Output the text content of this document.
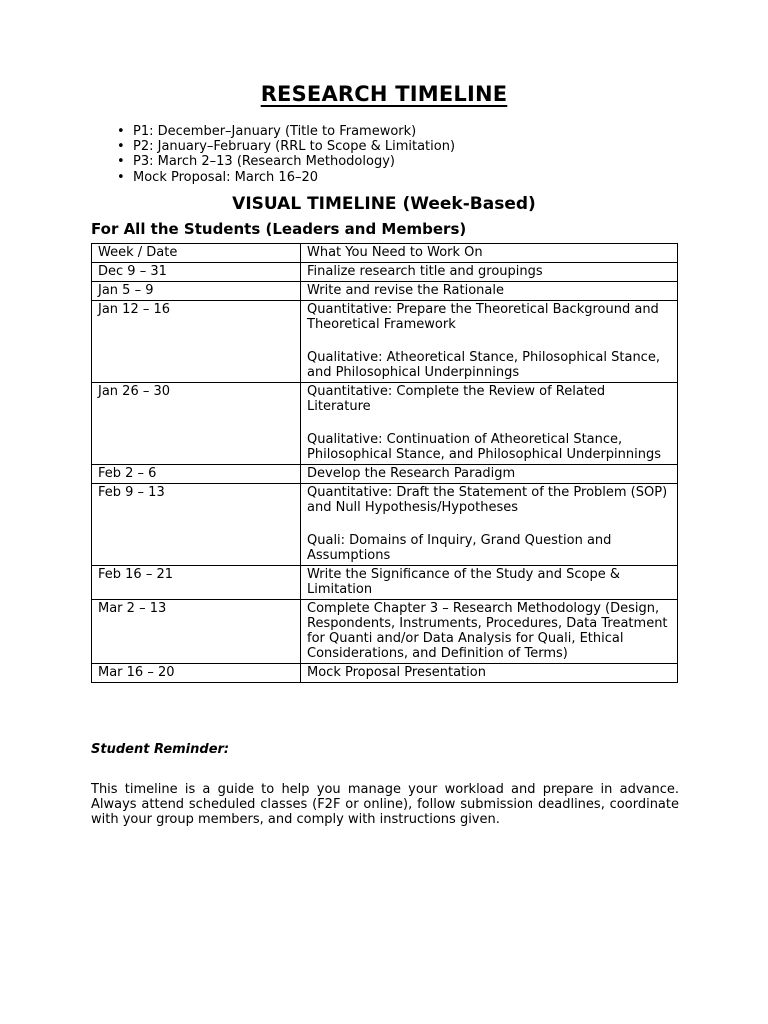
RESEARCH TIMELINE
• P1: December–January (Title to Framework)
• P2: January–February (RRL to Scope & Limitation)
• P3: March 2–13 (Research Methodology)
• Mock Proposal: March 16–20
VISUAL TIMELINE (Week-Based)
For All the Students (Leaders and Members)
Week / Date	What You Need to Work On
Dec 9 – 31	Finalize research title and groupings

Jan 5 – 9	Write and revise the Rationale

Jan 12 – 16	Quantitative: Prepare the Theoretical Background and Theoretical Framework
Qualitative: Atheoretical Stance, Philosophical Stance, and Philosophical Underpinnings

Jan 26 – 30	Quantitative: Complete the Review of Related Literature
Qualitative: Continuation of Atheoretical Stance, Philosophical Stance, and Philosophical Underpinnings

Feb 2 – 6	Develop the Research Paradigm

Feb 9 – 13	Quantitative: Draft the Statement of the Problem (SOP) and Null Hypothesis/Hypotheses
Quali: Domains of Inquiry, Grand Question and Assumptions

Feb 16 – 21	Write the Significance of the Study and Scope & Limitation

Mar 2 – 13	Complete Chapter 3 – Research Methodology (Design, Respondents, Instruments, Procedures, Data Treatment for Quanti and/or Data Analysis for Quali, Ethical Considerations, and Definition of Terms)

Mar 16 – 20	Mock Proposal Presentation
Student Reminder:

This timeline is a guide to help you manage your workload and prepare in advance. Always attend scheduled classes (F2F or online), follow submission deadlines, coordinate with your group members, and comply with instructions given.
